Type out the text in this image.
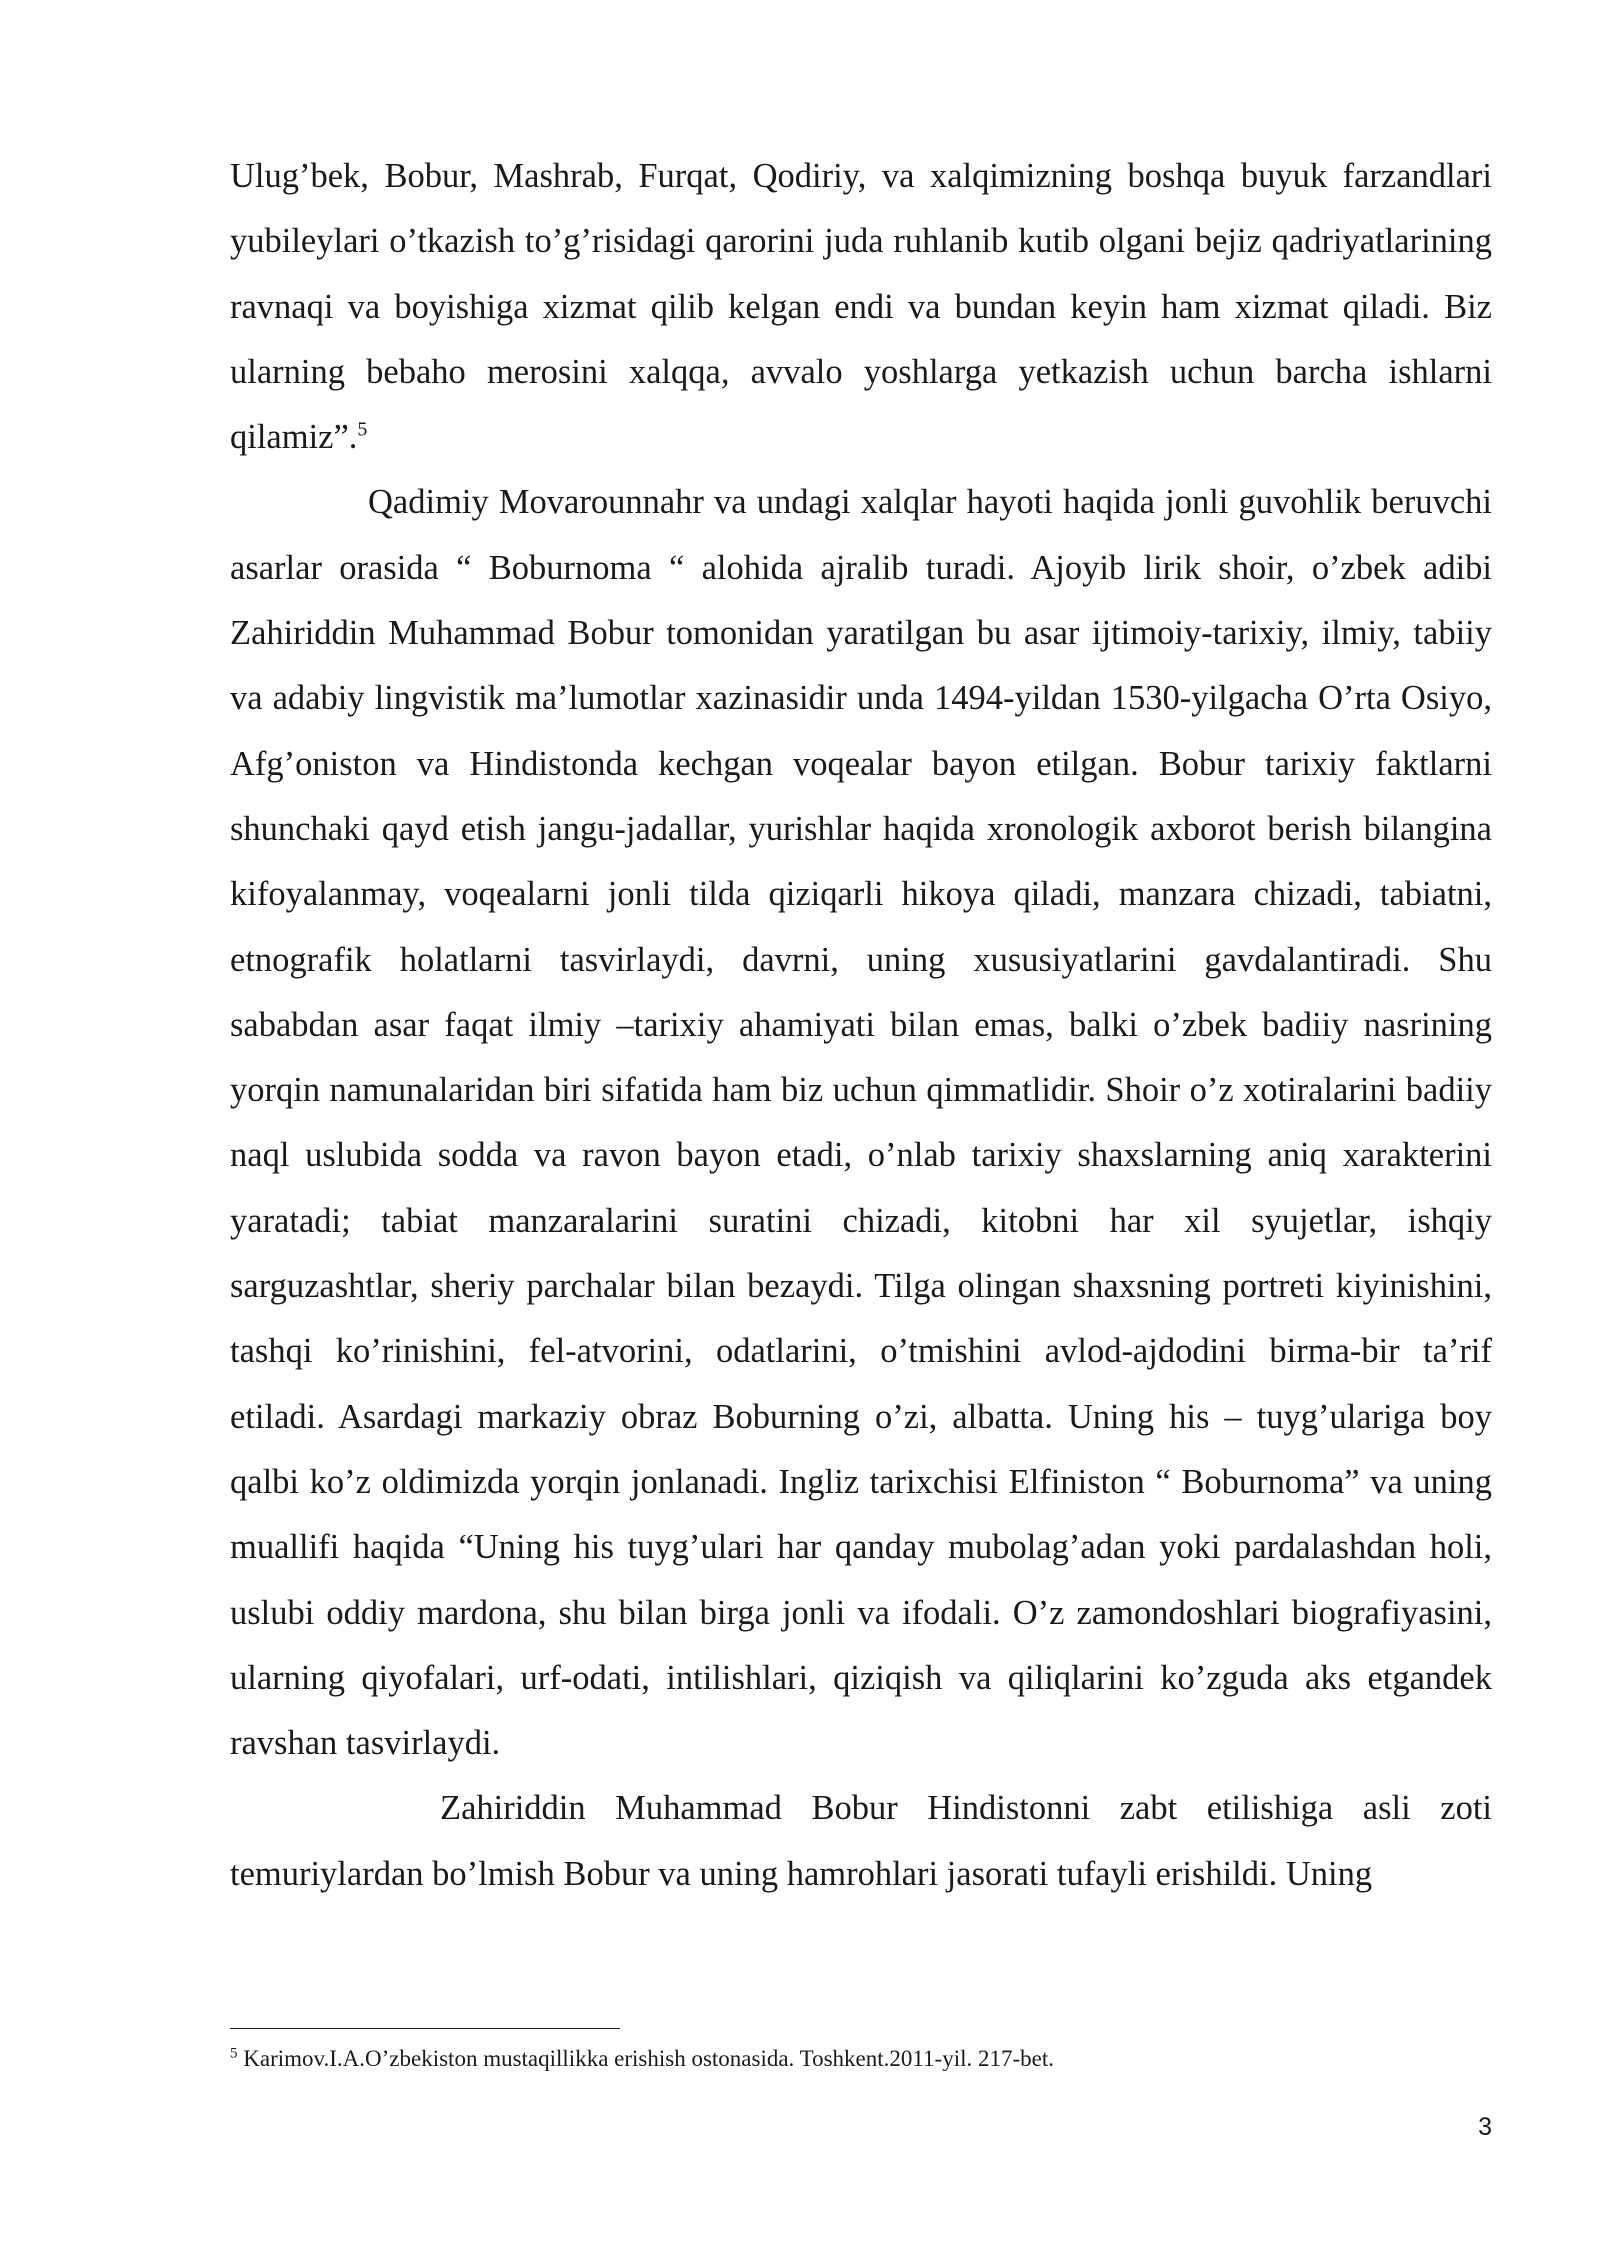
Ulug’bek, Bobur, Mashrab, Furqat, Qodiriy, va xalqimizning boshqa buyuk farzandlari yubileylari o’tkazish to’g’risidagi qarorini juda ruhlanib kutib olgani bejiz qadriyatlarining ravnaqi va boyishiga xizmat qilib kelgan endi va bundan keyin ham xizmat qiladi. Biz ularning bebaho merosini xalqqa, avvalo yoshlarga yetkazish uchun barcha ishlarni qilamiz”.$^5$

Qadimiy Movarounnahr va undagi xalqlar hayoti haqida jonli guvohlik beruvchi asarlar orasida “ Boburnoma “ alohida ajralib turadi. Ajoyib lirik shoir, o’zbek adibi Zahiriddin Muhammad Bobur tomonidan yaratilgan bu asar ijtimoiy-tarixiy, ilmiy, tabiiy va adabiy lingvistik ma’lumotlar xazinasidir unda 1494-yildan 1530-yilgacha O’rta Osiyo, Afg’oniston va Hindistonda kechgan voqealar bayon etilgan. Bobur tarixiy faktlarni shunchaki qayd etish jangu-jadallar, yurishlar haqida xronologik axborot berish bilangina kifoyalanmay, voqealarni jonli tilda qiziqarli hikoya qiladi, manzara chizadi, tabiatni, etnografik holatlarni tasvirlaydi, davrni, uning xususiyatlarini gavdalantiradi. Shu sababdan asar faqat ilmiy –tarixiy ahamiyati bilan emas, balki o’zbek badiiy nasrining yorqin namunalaridan biri sifatida ham biz uchun qimmatlidir. Shoir o’z xotiralarini badiiy naql uslubida sodda va ravon bayon etadi, o’nlab tarixiy shaxslarning aniq xarakterini yaratadi; tabiat manzaralarini suratini chizadi, kitobni har xil syujetlar, ishqiy sarguzashtlar, sheriy parchalar bilan bezaydi. Tilga olingan shaxsning portreti kiyinishini, tashqi ko’rinishini, fel-atvorini, odatlarini, o’tmishini avlod-ajdodini birma-bir ta’rif etiladi. Asardagi markaziy obraz Boburning o’zi, albatta. Uning his – tuyg’ulariga boy qalbi ko’z oldimizda yorqin jonlanadi. Ingliz tarixchisi Elfiniston “ Boburnoma” va uning muallifi haqida “Uning his tuyg’ulari har qanday mubolag’adan yoki pardalashdan holi, uslubi oddiy mardona, shu bilan birga jonli va ifodali. O’z zamondoshlari biografiyasini, ularning qiyofalari, urf-odati, intilishlari, qiziqish va qiliqlarini ko’zguda aks etgandek ravshan tasvirlaydi.

Zahiriddin Muhammad Bobur Hindistonni zabt etilishiga asli zoti temuriylardan bo’lmish Bobur va uning hamrohlari jasorati tufayli erishildi. Uning

$^5$ Karimov.I.A.O’zbekiston mustaqillikka erishish ostonasida. Toshkent.2011-yil. 217-bet.
3
